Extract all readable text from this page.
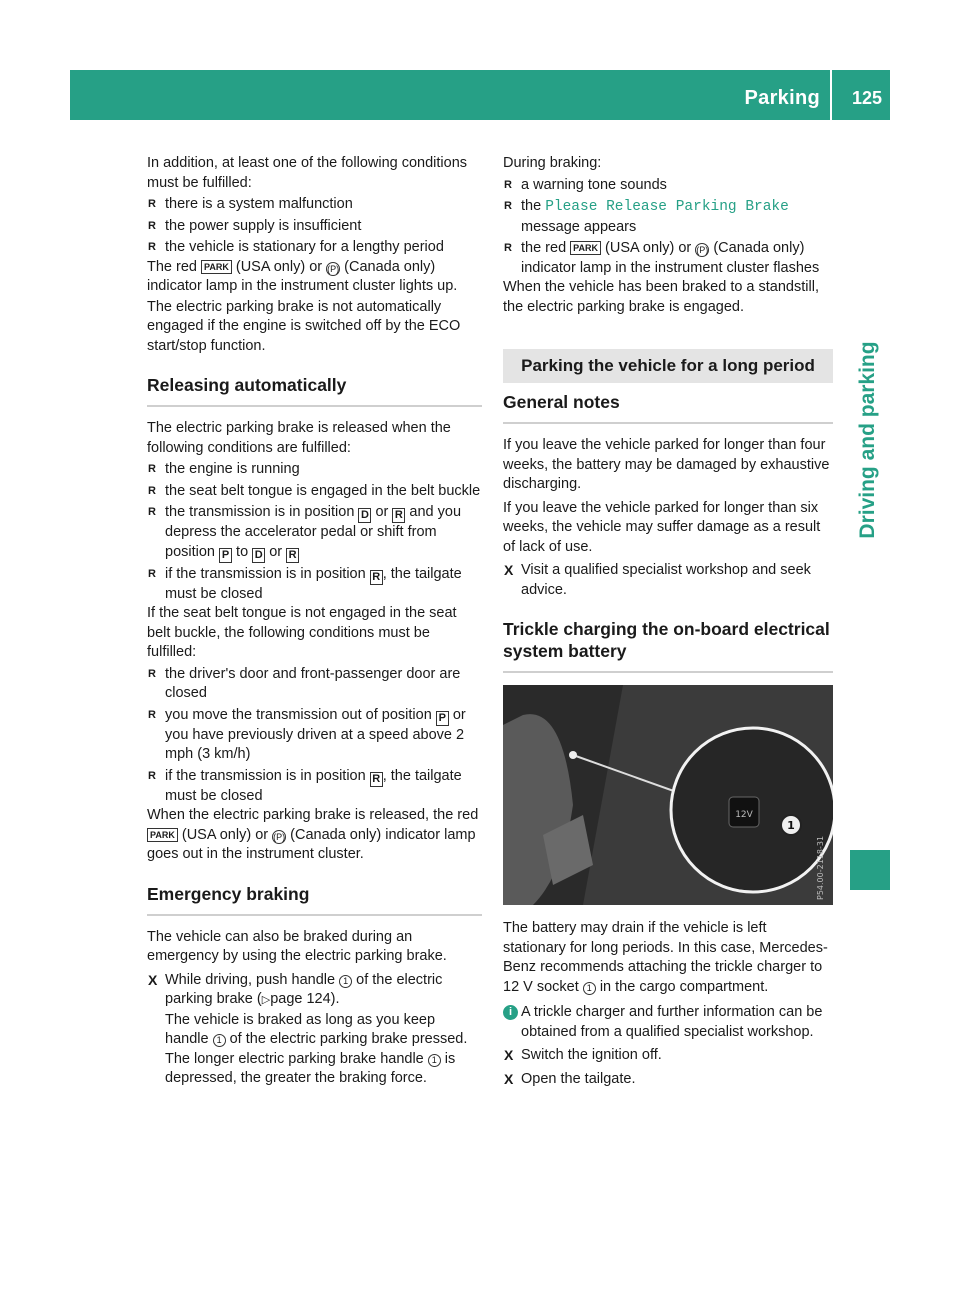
Parking 125
Driving and parking

In addition, at least one of the following conditions must be fulfilled:

R there is a system malfunction
R the power supply is insufficient
R the vehicle is stationary for a lengthy period

The red PARK (USA only) or (P) (Canada only) indicator lamp in the instrument cluster lights up.

The electric parking brake is not automatically engaged if the engine is switched off by the ECO start/stop function.

Releasing automatically

The electric parking brake is released when the following conditions are fulfilled:

R the engine is running
R the seat belt tongue is engaged in the belt buckle
R the transmission is in position D or R and you depress the accelerator pedal or shift from position P to D or R
R if the transmission is in position R , the tailgate must be closed

If the seat belt tongue is not engaged in the seat belt buckle, the following conditions must be fulfilled:

R the driver's door and front-passenger door are closed
R you move the transmission out of position P or you have previously driven at a speed above 2 mph (3 km/h)
R if the transmission is in position R , the tailgate must be closed

When the electric parking brake is released, the red PARK (USA only) or (P) (Canada only) indicator lamp goes out in the instrument cluster.

Emergency braking

The vehicle can also be braked during an emergency by using the electric parking brake.

X While driving, push handle 1 of the electric parking brake (▷page 124).
The vehicle is braked as long as you keep handle 1 of the electric parking brake pressed. The longer electric parking brake handle 1 is depressed, the greater the braking force.

During braking:

R a warning tone sounds
R the Please Release Parking Brake message appears
R the red PARK (USA only) or (P) (Canada only) indicator lamp in the instrument cluster flashes

When the vehicle has been braked to a standstill, the electric parking brake is engaged.

Parking the vehicle for a long period
General notes

If you leave the vehicle parked for longer than four weeks, the battery may be damaged by exhaustive discharging.

If you leave the vehicle parked for longer than six weeks, the vehicle may suffer damage as a result of lack of use.

X Visit a qualified specialist workshop and seek advice.
Trickle charging the on-board electrical system battery
12V
1
P54.00-2118-31

The battery may drain if the vehicle is left stationary for long periods. In this case, Mercedes-Benz recommends attaching the trickle charger to 12 V socket 1 in the cargo compartment.

i A trickle charger and further information can be obtained from a qualified specialist workshop.
X Switch the ignition off.
X Open the tailgate.
